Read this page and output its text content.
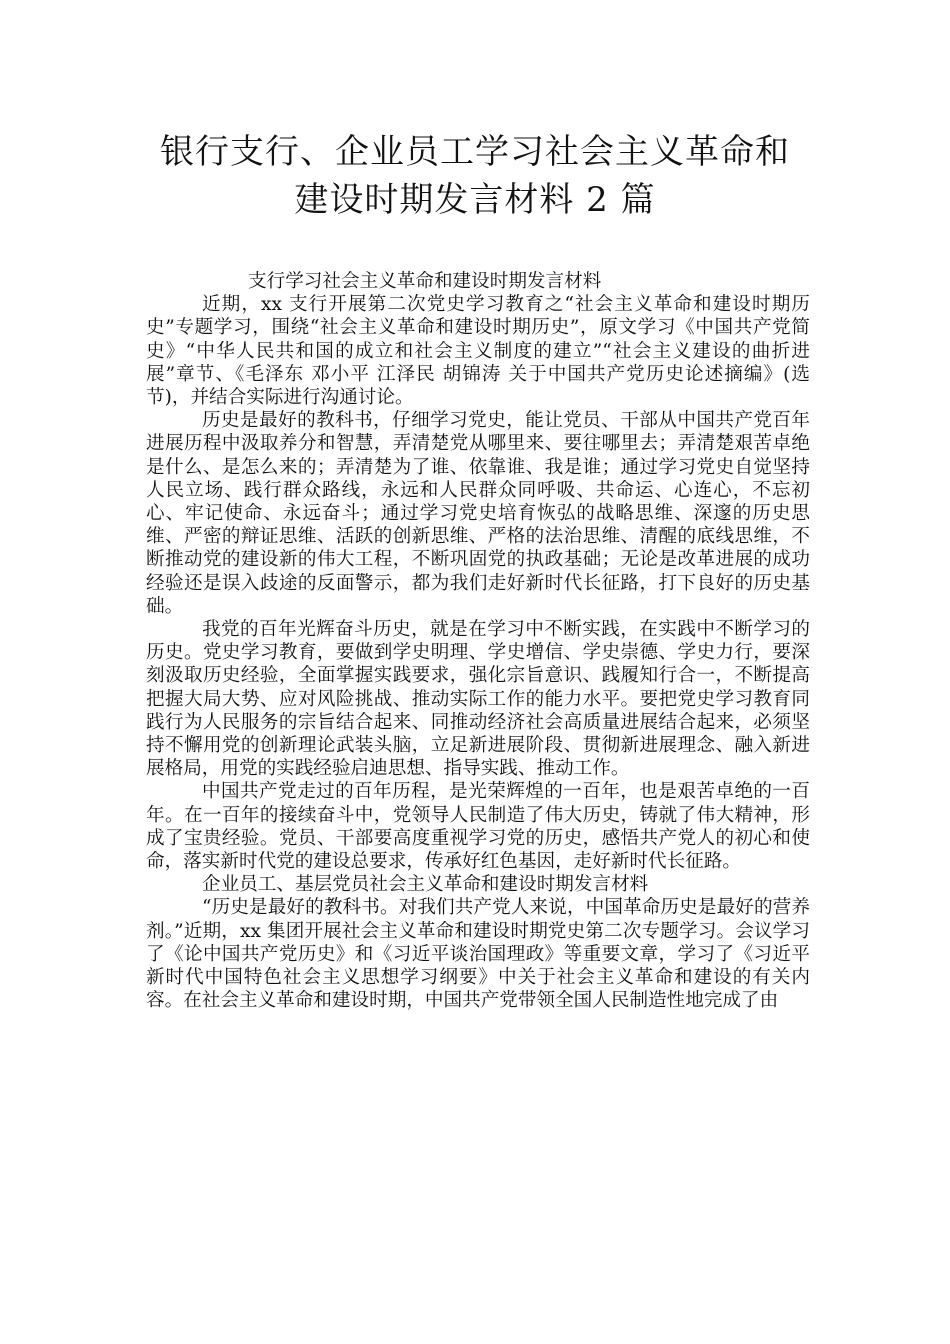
银行支行、企业员工学习社会主义革命和
建设时期发言材料 2 篇

支行学习社会主义革命和建设时期发言材料

近期，xx 支行开展第二次党史学习教育之“社会主义革命和建设时期历史”专题学习，围绕“社会主义革命和建设时期历史”，原文学习《中国共产党简史》“中华人民共和国的成立和社会主义制度的建立”“社会主义建设的曲折进展”章节、《毛泽东 邓小平 江泽民 胡锦涛 关于中国共产党历史论述摘编》(选节)，并结合实际进行沟通讨论。

历史是最好的教科书，仔细学习党史，能让党员、干部从中国共产党百年进展历程中汲取养分和智慧，弄清楚党从哪里来、要往哪里去；弄清楚艰苦卓绝是什么、是怎么来的；弄清楚为了谁、依靠谁、我是谁；通过学习党史自觉坚持人民立场、践行群众路线，永远和人民群众同呼吸、共命运、心连心，不忘初心、牢记使命、永远奋斗；通过学习党史培育恢弘的战略思维、深邃的历史思维、严密的辩证思维、活跃的创新思维、严格的法治思维、清醒的底线思维，不断推动党的建设新的伟大工程，不断巩固党的执政基础；无论是改革进展的成功经验还是误入歧途的反面警示，都为我们走好新时代长征路，打下良好的历史基础。

我党的百年光辉奋斗历史，就是在学习中不断实践，在实践中不断学习的历史。党史学习教育，要做到学史明理、学史增信、学史崇德、学史力行，要深刻汲取历史经验，全面掌握实践要求，强化宗旨意识、践履知行合一，不断提高把握大局大势、应对风险挑战、推动实际工作的能力水平。要把党史学习教育同践行为人民服务的宗旨结合起来、同推动经济社会高质量进展结合起来，必须坚持不懈用党的创新理论武装头脑，立足新进展阶段、贯彻新进展理念、融入新进展格局，用党的实践经验启迪思想、指导实践、推动工作。

中国共产党走过的百年历程，是光荣辉煌的一百年，也是艰苦卓绝的一百年。在一百年的接续奋斗中，党领导人民制造了伟大历史，铸就了伟大精神，形成了宝贵经验。党员、干部要高度重视学习党的历史，感悟共产党人的初心和使命，落实新时代党的建设总要求，传承好红色基因，走好新时代长征路。

企业员工、基层党员社会主义革命和建设时期发言材料

“历史是最好的教科书。对我们共产党人来说，中国革命历史是最好的营养剂。”近期，xx 集团开展社会主义革命和建设时期党史第二次专题学习。会议学习了《论中国共产党历史》和《习近平谈治国理政》等重要文章，学习了《习近平新时代中国特色社会主义思想学习纲要》中关于社会主义革命和建设的有关内容。在社会主义革命和建设时期，中国共产党带领全国人民制造性地完成了由
